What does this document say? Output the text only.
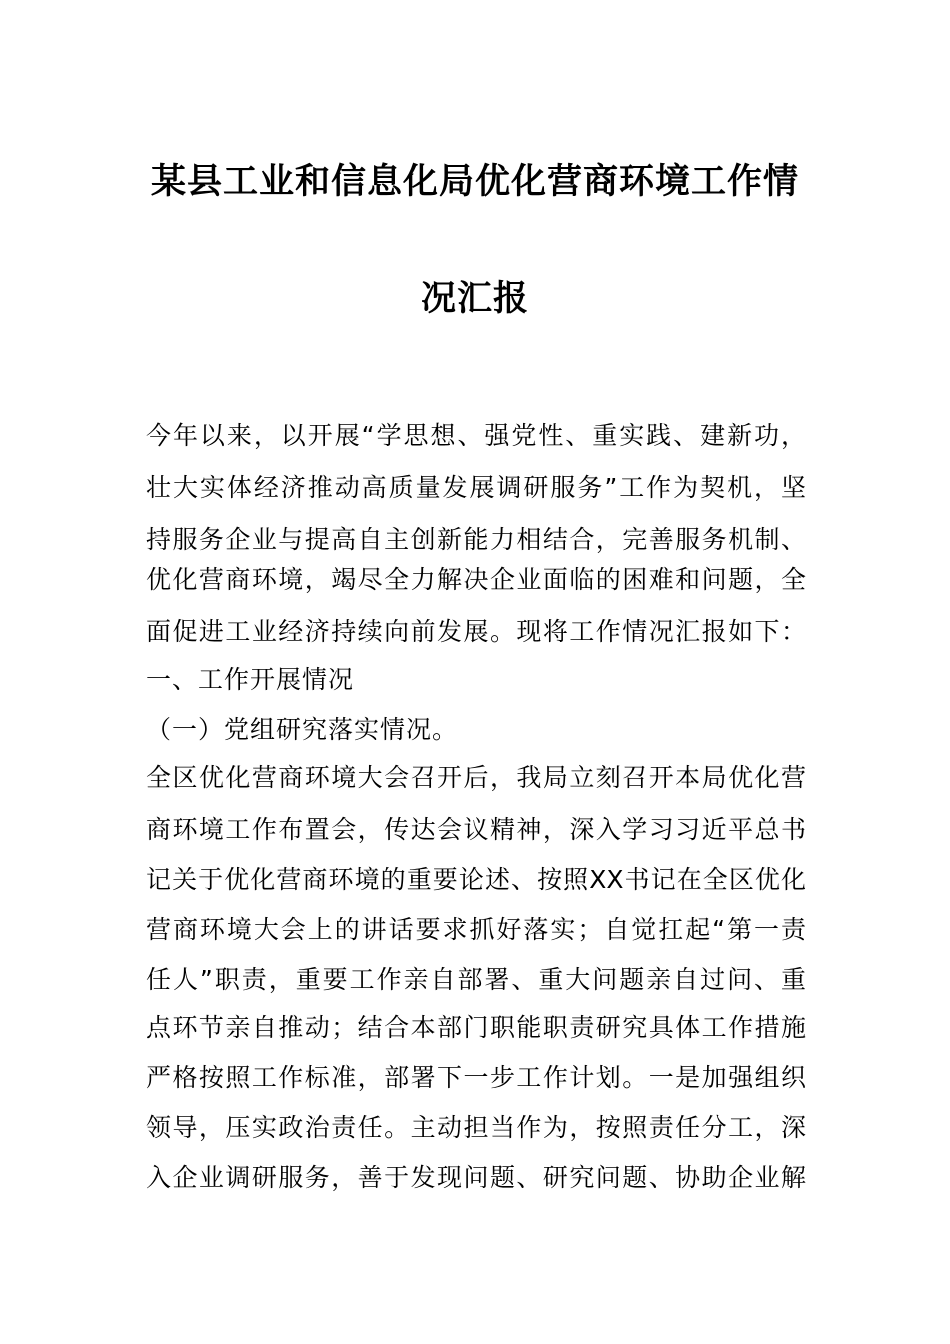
某县工业和信息化局优化营商环境工作情
况汇报
今年以来，以开展“学思想、强党性、重实践、建新功，
壮大实体经济推动高质量发展调研服务”工作为契机，坚
持服务企业与提高自主创新能力相结合，完善服务机制、
优化营商环境，竭尽全力解决企业面临的困难和问题，全
面促进工业经济持续向前发展。现将工作情况汇报如下：
一、工作开展情况
（一）党组研究落实情况。
全区优化营商环境大会召开后，我局立刻召开本局优化营
商环境工作布置会，传达会议精神，深入学习习近平总书
记关于优化营商环境的重要论述、按照XX书记在全区优化
营商环境大会上的讲话要求抓好落实；自觉扛起“第一责
任人”职责，重要工作亲自部署、重大问题亲自过问、重
点环节亲自推动；结合本部门职能职责研究具体工作措施
严格按照工作标准，部署下一步工作计划。一是加强组织
领导，压实政治责任。主动担当作为，按照责任分工，深
入企业调研服务，善于发现问题、研究问题、协助企业解
